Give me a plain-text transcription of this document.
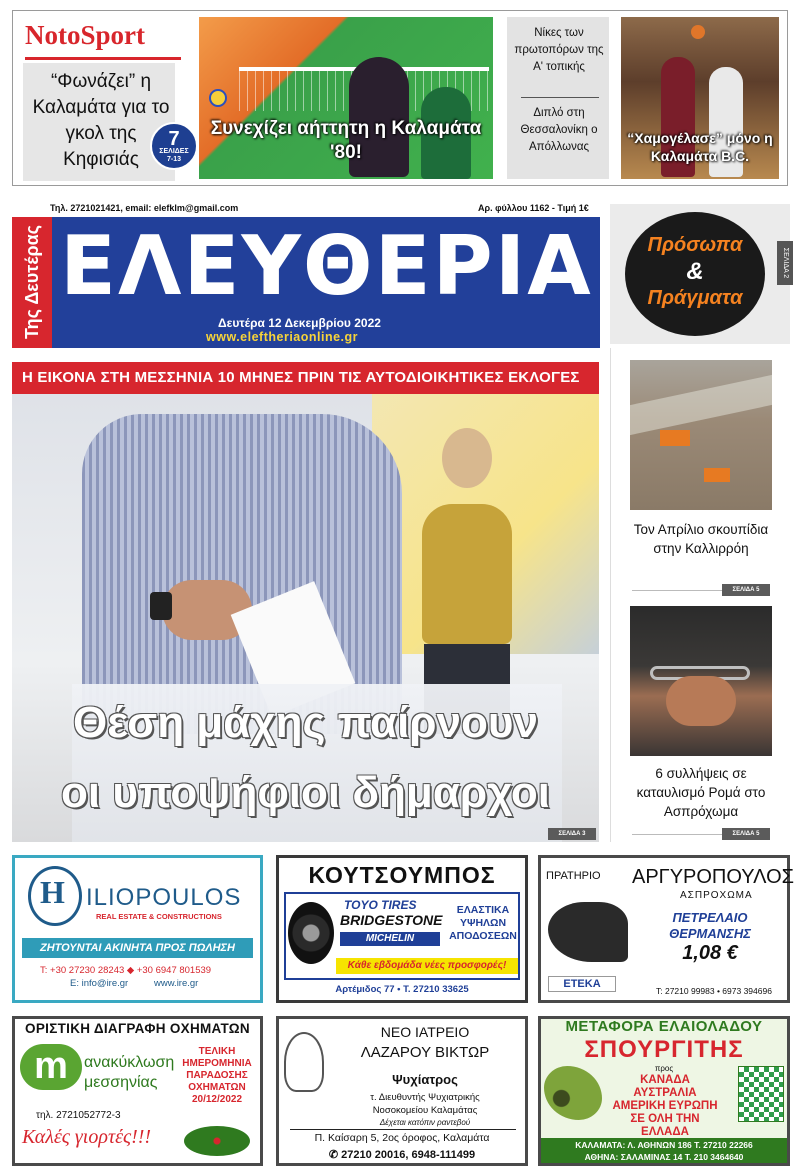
NotoSport
“Φωνάζει” η Καλαμάτα για το γκολ της Κηφισιάς
Συνεχίζει αήττητη η Καλαμάτα '80!
Νίκες των πρωτοπόρων της Α' τοπικής
Διπλό στη Θεσσαλονίκη ο Απόλλωνας
“Χαμογέλασε” μόνο η Καλαμάτα Β.C.
7
ΣΕΛΙΔΕΣ
7-13
Τηλ. 2721021421, email: elefklm@gmail.com	Αρ. φύλλου 1162 - Τιμή 1€
Της Δευτέρας ΕΛΕΥΘΕΡΙΑ
Δευτέρα 12 Δεκεμβρίου 2022
www.eleftheriaonline.gr
Πρόσωπα
&
Πράγματα
ΣΕΛΙΔΑ 2
Τον Απρίλιο σκουπίδια στην Καλλιρρόη
ΣΕΛΙΔΑ 5
6 συλλήψεις σε καταυλισμό Ρομά στο Ασπρόχωμα
ΣΕΛΙΔΑ 5
Η ΕΙΚΟΝΑ ΣΤΗ ΜΕΣΣΗΝΙΑ 10 ΜΗΝΕΣ ΠΡΙΝ ΤΙΣ ΑΥΤΟΔΙΟΙΚΗΤΙΚΕΣ ΕΚΛΟΓΕΣ
Θέση μάχης παίρνουν
οι υποψήφιοι δήμαρχοι
ΣΕΛΙΔΑ 3
H ILIOPOULOS
REAL ESTATE & CONSTRUCTIONS
ΖΗΤΟΥΝΤΑΙ ΑΚΙΝΗΤΑ ΠΡΟΣ ΠΩΛΗΣΗ
T: +30 27230 28243 ◆ +30 6947 801539
E: info@ire.gr	www.ire.gr
ΚΟΥΤΣΟΥΜΠΟΣ
TOYO TIRES
BRIDGESTONE
MICHELIN
ΕΛΑΣΤΙΚΑ ΥΨΗΛΩΝ ΑΠΟΔΟΣΕΩΝ
Κάθε εβδομάδα νέες προσφορές!
Αρτέμιδος 77 • Τ. 27210 33625
ΠΡΑΤΗΡΙΟ ΑΡΓΥΡΟΠΟΥΛΟΣ
ΑΣΠΡΟΧΩΜΑ
ΠΕΤΡΕΛΑΙΟ ΘΕΡΜΑΝΣΗΣ
1,08 €
ΕΤΕΚΑ
T: 27210 99983 • 6973 394696
ΟΡΙΣΤΙΚΗ ΔΙΑΓΡΑΦΗ ΟΧΗΜΑΤΩΝ
m	ανακύκλωση
μεσσηνίας
ΤΕΛΙΚΗ ΗΜΕΡΟΜΗΝΙΑ ΠΑΡΑΔΟΣΗΣ ΟΧΗΜΑΤΩΝ 20/12/2022
τηλ. 2721052772-3
Καλές γιορτές!!!
ΝΕΟ ΙΑΤΡΕΙΟ
ΛΑΖΑΡΟΥ ΒΙΚΤΩΡ
Ψυχίατρος
τ. Διευθυντής Ψυχιατρικής
Νοσοκομείου Καλαμάτας
Δέχεται κατόπιν ραντεβού
Π. Καίσαρη 5, 2ος όροφος, Καλαμάτα
✆ 27210 20016, 6948-111499
ΜΕΤΑΦΟΡΑ ΕΛΑΙΟΛΑΔΟΥ
ΣΠΟΥΡΓΙΤΗΣ
προς
ΚΑΝΑΔΑ ΑΥΣΤΡΑΛΙΑ ΑΜΕΡΙΚΗ ΕΥΡΩΠΗ ΣΕ ΟΛΗ ΤΗΝ ΕΛΛΑΔΑ
ΚΑΛΑΜΑΤΑ: Λ. ΑΘΗΝΩΝ 186 Τ. 27210 22266
ΑΘΗΝΑ: ΣΑΛΑΜΙΝΑΣ 14 Τ. 210 3464640
